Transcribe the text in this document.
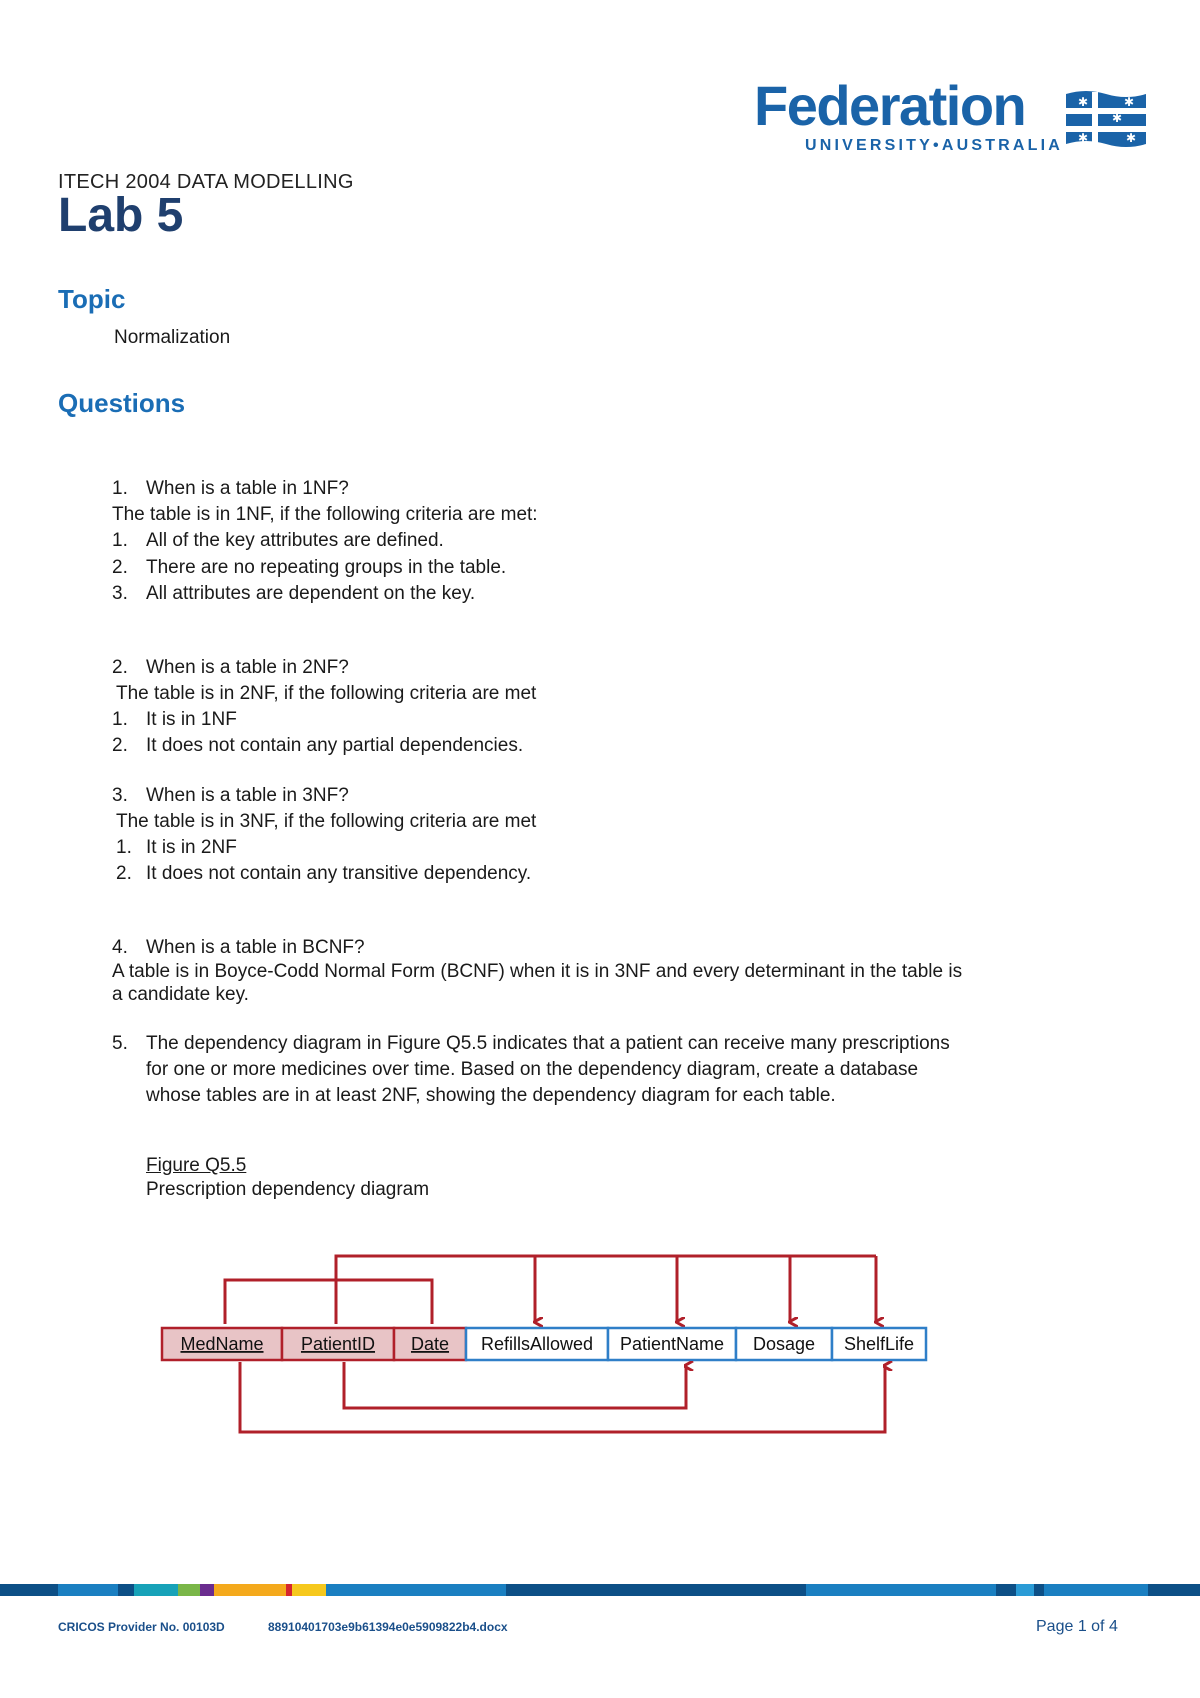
Federation
UNIVERSITY•AUSTRALIA
✱
✱
✱
✱	✱
ITECH 2004 DATA MODELLING
Lab 5
Topic
Normalization
Questions
1. When is a table in 1NF?
The table is in 1NF, if the following criteria are met:
1. All of the key attributes are defined.
2. There are no repeating groups in the table.
3. All attributes are dependent on the key.
2. When is a table in 2NF?
The table is in 2NF, if the following criteria are met
1. It is in 1NF
2. It does not contain any partial dependencies.
3. When is a table in 3NF?
The table is in 3NF, if the following criteria are met
1. It is in 2NF
2. It does not contain any transitive dependency.
4. When is a table in BCNF?
A table is in Boyce-Codd Normal Form (BCNF) when it is in 3NF and every determinant in the table is
a candidate key.
5. The dependency diagram in Figure Q5.5 indicates that a patient can receive many prescriptions
for one or more medicines over time. Based on the dependency diagram, create a database
whose tables are in at least 2NF, showing the dependency diagram for each table.
Figure Q5.5
Prescription dependency diagram
MedName PatientID Date RefillsAllowed PatientName Dosage ShelfLife
CRICOS Provider No. 00103D	88910401703e9b61394e0e5909822b4.docx	Page 1 of 4
